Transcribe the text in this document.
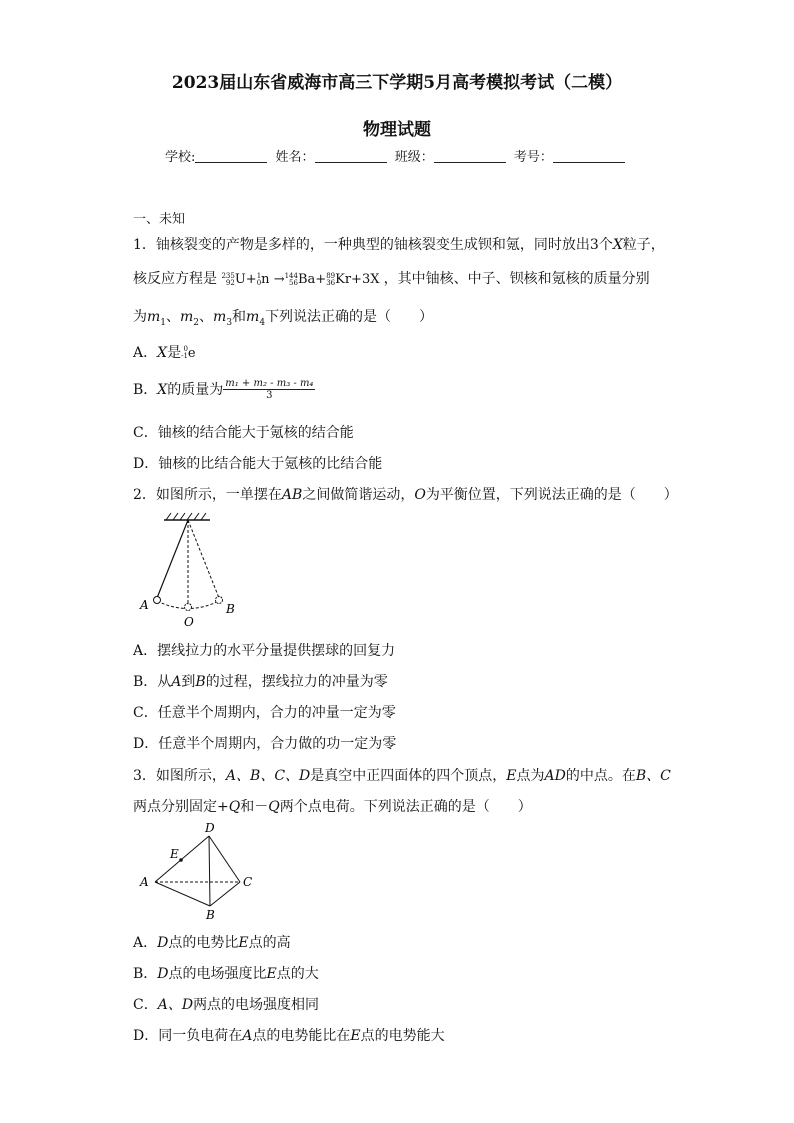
2023届山东省威海市高三下学期5月高考模拟考试（二模）
物理试题
学校:	姓名：	班级：	考号：
一、未知
1．铀核裂变的产物是多样的，一种典型的铀核裂变生成钡和氪，同时放出3个X粒子，
核反应方程是 235
92 U+ 1
0 n → 144
56 Ba+ 89
36 Kr+3X ，其中铀核、中子、钡核和氪核的质量分别
为$m_1$、$m_2$、$m_3$和$m_4$下列说法正确的是（　　）
A．X是 0
-1 e
B．X的质量为$\frac{\text{m₁ + m₂ - m₃ - m₄}}{3}$
C．铀核的结合能大于氪核的结合能
D．铀核的比结合能大于氪核的比结合能
2．如图所示，一单摆在AB之间做简谐运动，O为平衡位置，下列说法正确的是（　　）
A
O
B
A．摆线拉力的水平分量提供摆球的回复力
B．从A到B的过程，摆线拉力的冲量为零
C．任意半个周期内，合力的冲量一定为零
D．任意半个周期内，合力做的功一定为零
3．如图所示，A、B、C、D是真空中正四面体的四个顶点，E点为AD的中点。在B、C
两点分别固定+Q和－Q两个点电荷。下列说法正确的是（　　）
D
E
A	C
B
A．D点的电势比E点的高
B．D点的电场强度比E点的大
C．A、D两点的电场强度相同
D．同一负电荷在A点的电势能比在E点的电势能大
